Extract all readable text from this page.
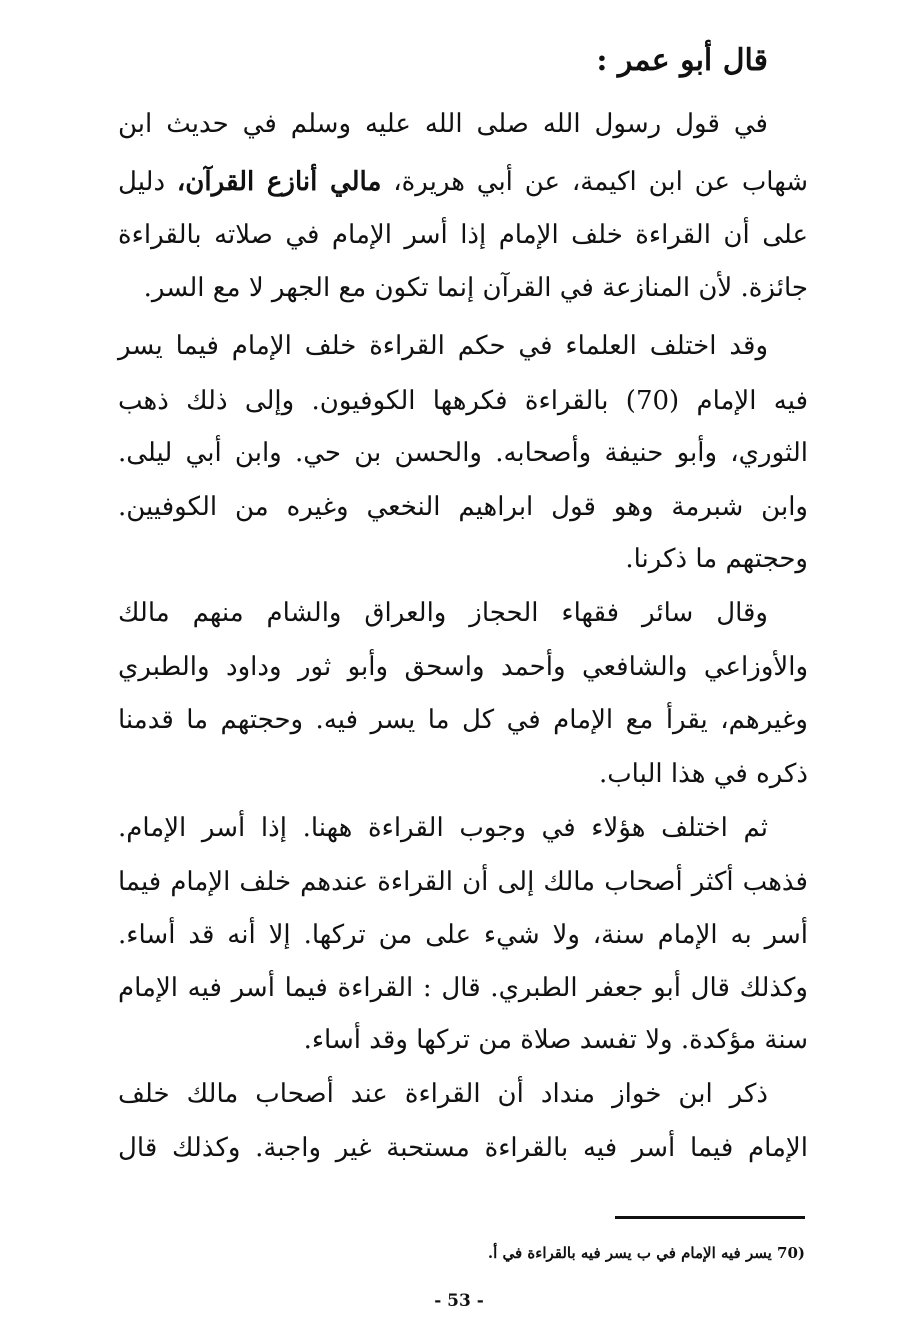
قال أبو عمر :
في قول رسول الله صلى الله عليه وسلم في حديث ابن
شهاب عن ابن اكيمة، عن أبي هريرة، مالي أنازع القرآن، دليل
على أن القراءة خلف الإمام إذا أسر الإمام في صلاته بالقراءة
جائزة. لأن المنازعة في القرآن إنما تكون مع الجهر لا مع السر.
وقد اختلف العلماء في حكم القراءة خلف الإمام فيما يسر
فيه الإمام (70) بالقراءة فكرهها الكوفيون. وإلى ذلك ذهب
الثوري، وأبو حنيفة وأصحابه. والحسن بن حي. وابن أبي ليلى.
وابن شبرمة وهو قول ابراهيم النخعي وغيره من الكوفيين.
وحجتهم ما ذكرنا.
وقال سائر فقهاء الحجاز والعراق والشام منهم مالك
والأوزاعي والشافعي وأحمد واسحق وأبو ثور وداود والطبري
وغيرهم، يقرأ مع الإمام في كل ما يسر فيه. وحجتهم ما قدمنا
ذكره في هذا الباب.
ثم اختلف هؤلاء في وجوب القراءة ههنا. إذا أسر الإمام.
فذهب أكثر أصحاب مالك إلى أن القراءة عندهم خلف الإمام فيما
أسر به الإمام سنة، ولا شيء على من تركها. إلا أنه قد أساء.
وكذلك قال أبو جعفر الطبري. قال : القراءة فيما أسر فيه الإمام
سنة مؤكدة. ولا تفسد صلاة من تركها وقد أساء.
ذكر ابن خواز منداد أن القراءة عند أصحاب مالك خلف
الإمام فيما أسر فيه بالقراءة مستحبة غير واجبة. وكذلك قال
(70 يسر فيه الإمام في ب يسر فيه بالقراءة في أ.
- 53 -
